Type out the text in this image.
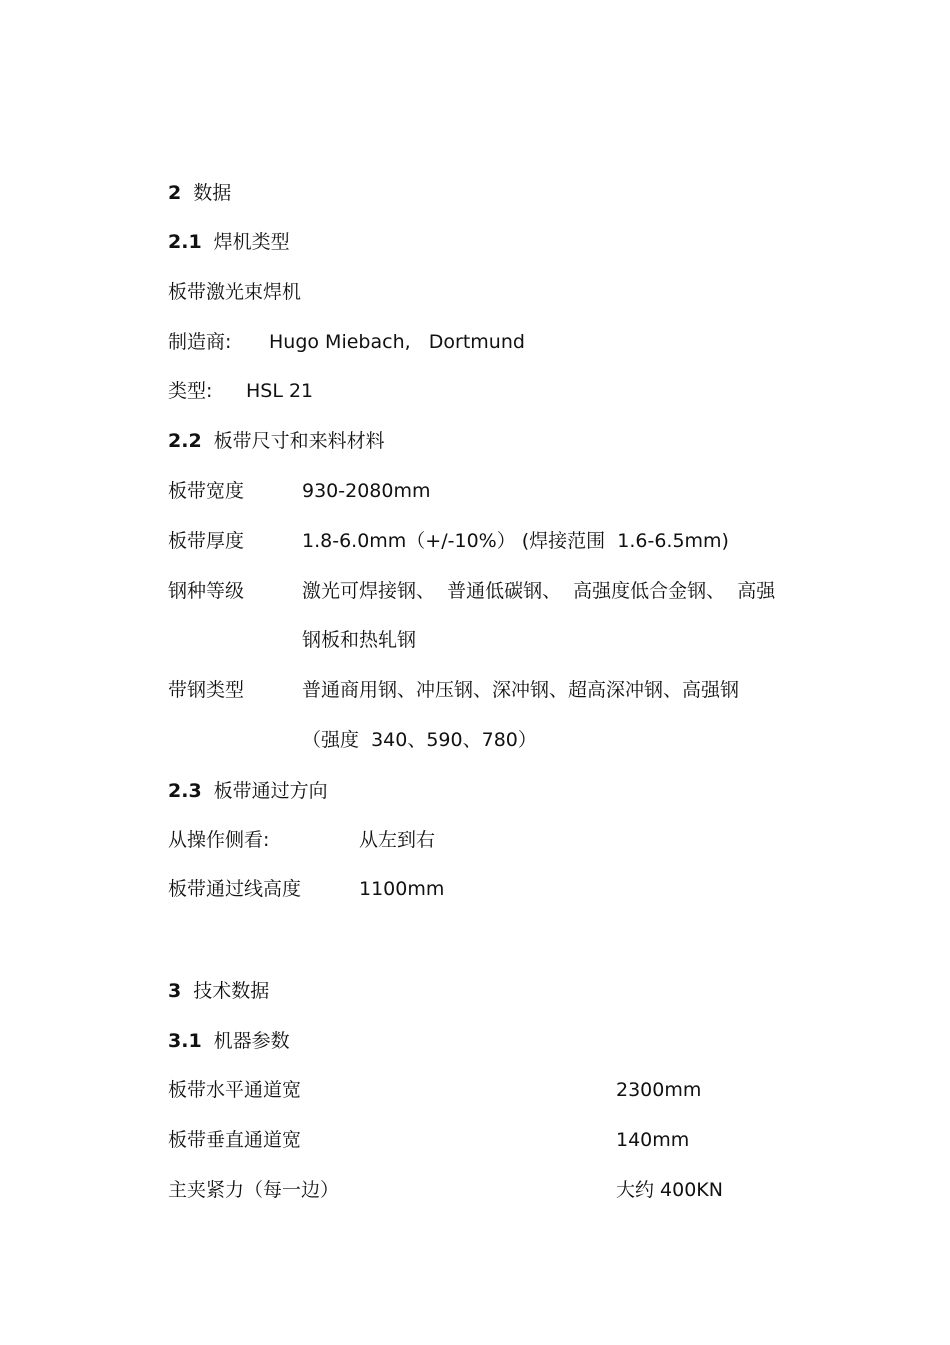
2 数据
2.1 焊机类型
板带激光束焊机
制造商: Hugo Miebach,   Dortmund
类型: HSL 21
2.2 板带尺寸和来料材料
板带宽度	930-2080mm
板带厚度	1.8-6.0mm（+/-10%） (焊接范围  1.6-6.5mm)
钢种等级	激光可焊接钢、  普通低碳钢、  高强度低合金钢、  高强
钢板和热轧钢
带钢类型	普通商用钢、冲压钢、深冲钢、超高深冲钢、高强钢
（强度  340、590、780）
2.3 板带通过方向
从操作侧看:	从左到右
板带通过线高度	1100mm
3 技术数据
3.1 机器参数
板带水平通道宽	2300mm
板带垂直通道宽	140mm
主夹紧力（每一边）	大约 400KN
